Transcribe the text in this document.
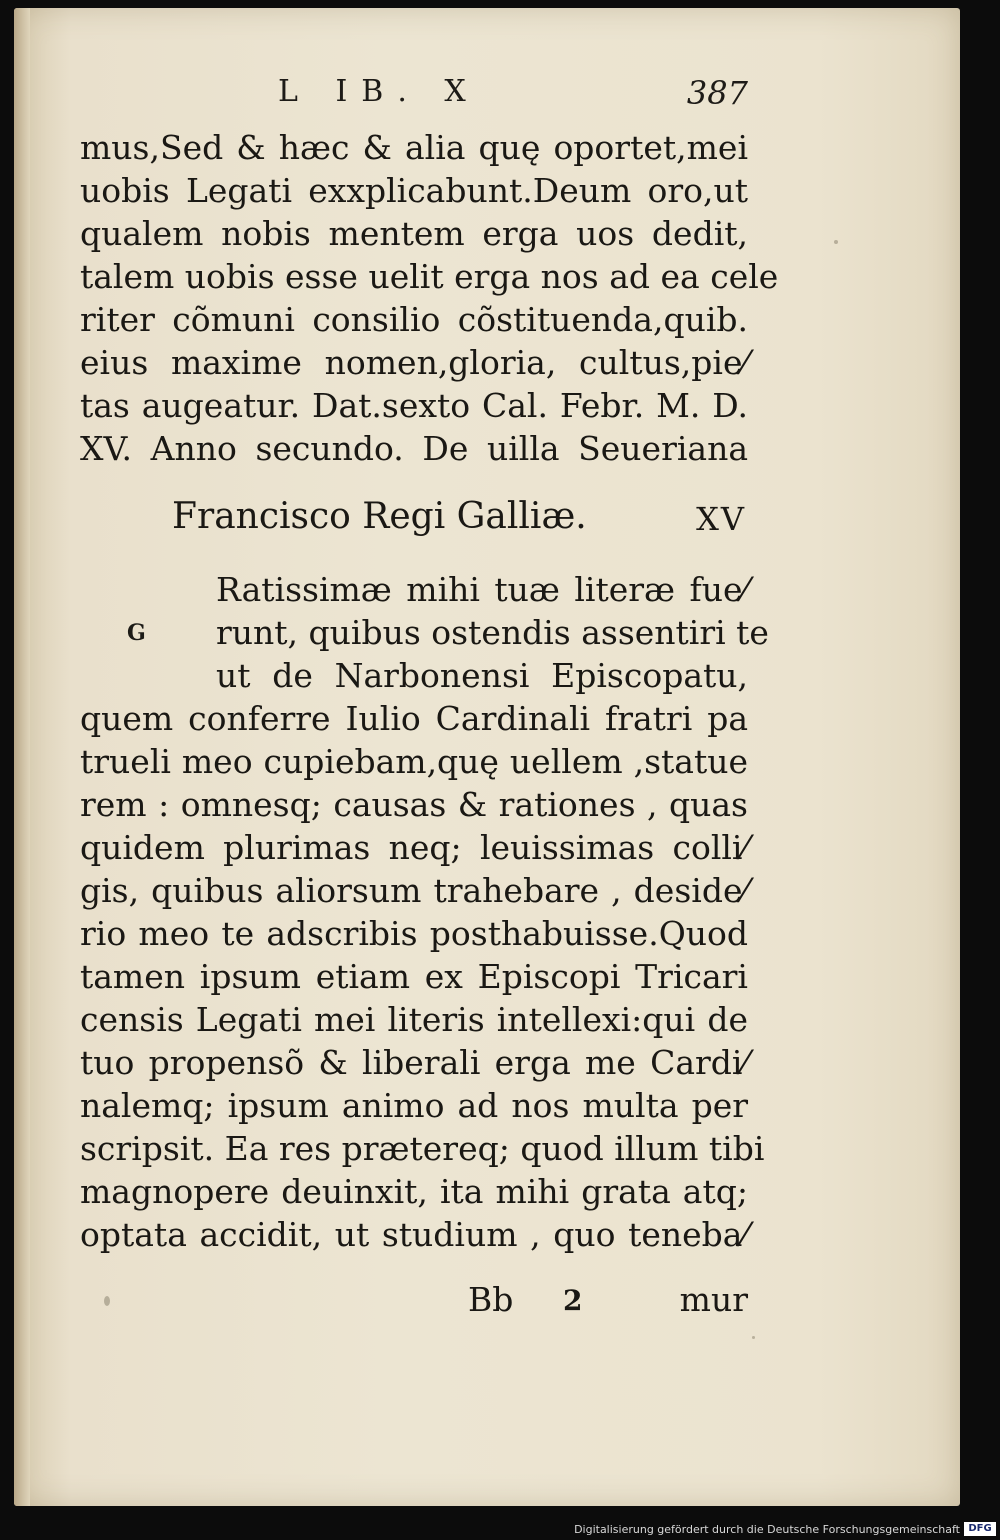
L IB. X	387
mus,Sed & hæc & alia quę oportet,mei
uobis Legati exxplicabunt.Deum oro,ut
qualem nobis mentem erga uos dedit,
talem uobis esse uelit erga nos ad ea cele
riter cõmuni consilio cõstituenda,quib.
eius maxime nomen,gloria, cultus,pie⁄
tas augeatur. Dat.sexto Cal. Febr. M. D.
XV. Anno secundo. De uilla Seueriana
Francisco Regi Galliæ.	XV
G
Ratissimæ mihi tuæ literæ fue⁄
runt, quibus ostendis assentiri te
ut de Narbonensi Episcopatu,
quem conferre Iulio Cardinali fratri pa
trueli meo cupiebam,quę uellem ,statue
rem : omnesq; causas & rationes , quas
quidem plurimas neq; leuissimas colli⁄
gis, quibus aliorsum trahebare , deside⁄
rio meo te adscribis posthabuisse.Quod
tamen ipsum etiam ex Episcopi Tricari
censis Legati mei literis intellexi:qui de
tuo propensõ & liberali erga me Cardi⁄
nalemq; ipsum animo ad nos multa per
scripsit. Ea res prætereq; quod illum tibi
magnopere deuinxit, ita mihi grata atq;
optata accidit, ut studium , quo teneba⁄
Bb 2	mur
Digitalisierung gefördert durch die Deutsche Forschungsgemeinschaft DFG
